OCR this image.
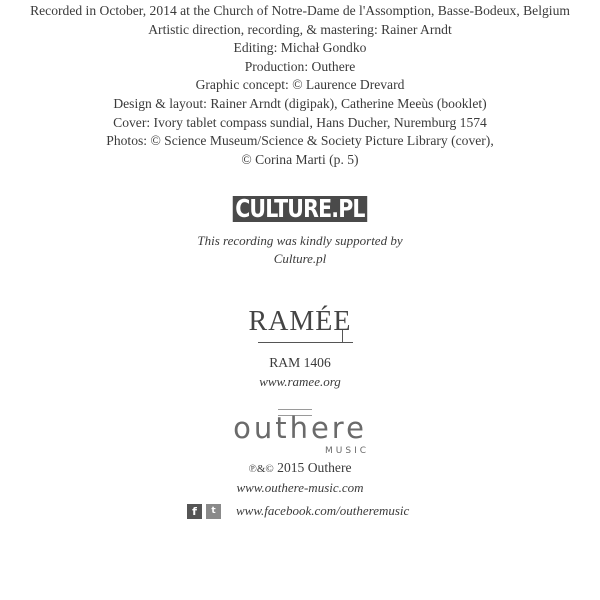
Recorded in October, 2014 at the Church of Notre-Dame de l'Assomption, Basse-Bodeux, Belgium
Artistic direction, recording, & mastering: Rainer Arndt
Editing: Michał Gondko
Production: Outhere
Graphic concept: © Laurence Drevard
Design & layout: Rainer Arndt (digipak), Catherine Meeùs (booklet)
Cover: Ivory tablet compass sundial, Hans Ducher, Nuremburg 1574
Photos: © Science Museum/Science & Society Picture Library (cover),
© Corina Marti (p. 5)
CULTURE.PL
This recording was kindly supported by
Culture.pl
RAMÉE
RAM 1406
www.ramee.org
outhere
MUSIC
℗&© 2015 Outhere
www.outhere-music.com
f	t	www.facebook.com/outheremusic
